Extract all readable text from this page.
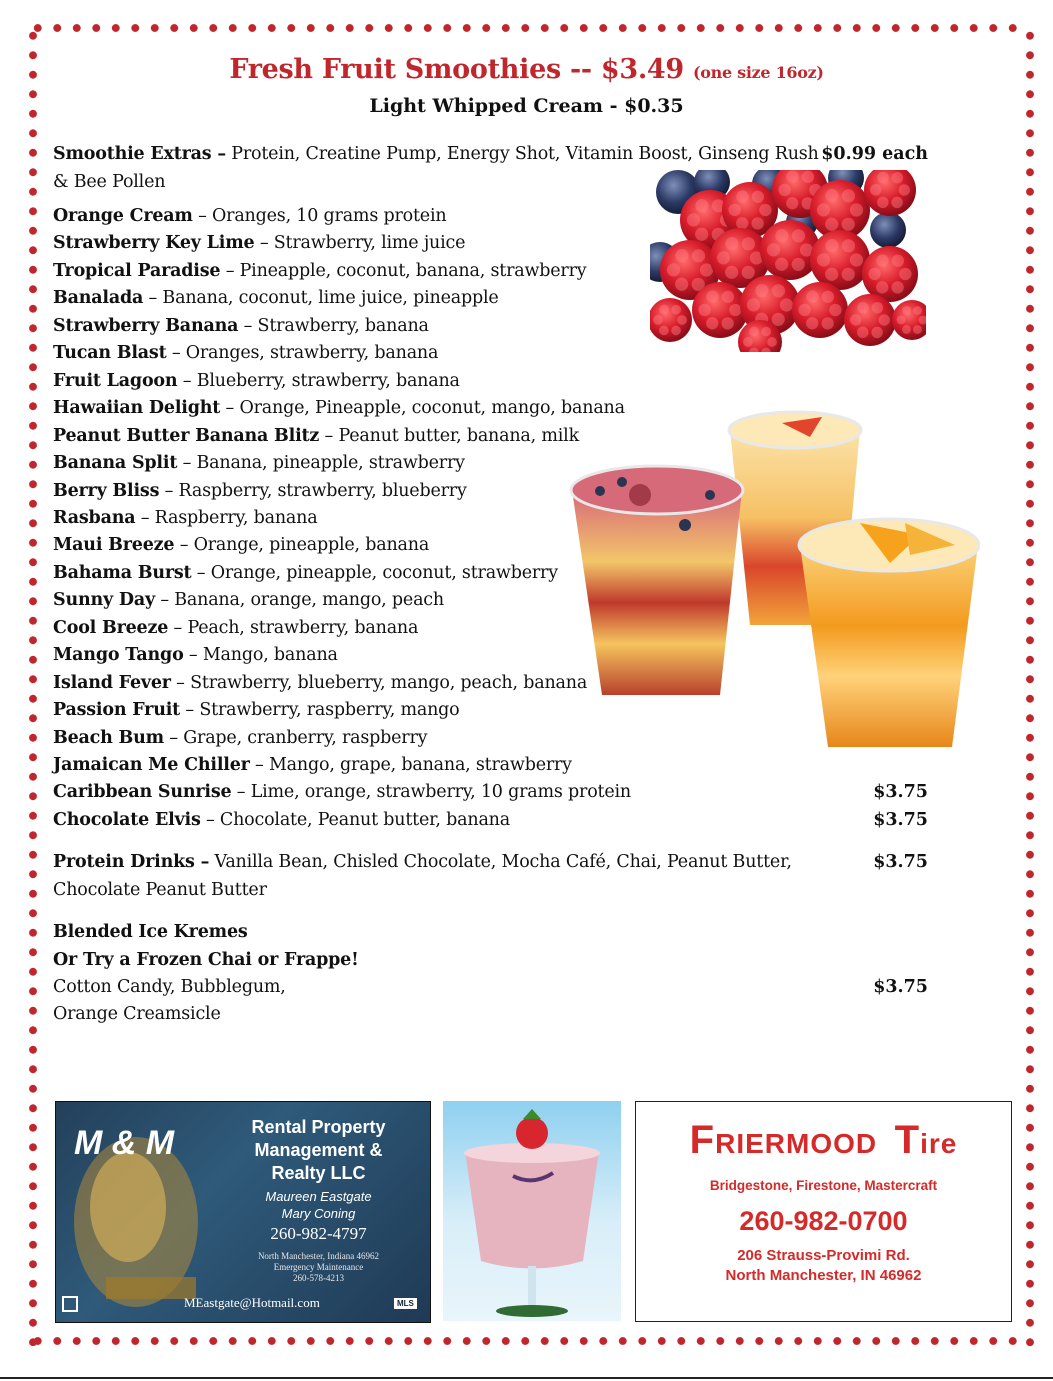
Fresh Fruit Smoothies -- $3.49 (one size 16oz)
Light Whipped Cream - $0.35
Smoothie Extras – Protein, Creatine Pump, Energy Shot, Vitamin Boost, Ginseng Rush $0.99 each
& Bee Pollen
Orange Cream – Oranges, 10 grams protein
Strawberry Key Lime – Strawberry, lime juice
Tropical Paradise – Pineapple, coconut, banana, strawberry
Banalada – Banana, coconut, lime juice, pineapple
Strawberry Banana – Strawberry, banana
Tucan Blast – Oranges, strawberry, banana
Fruit Lagoon – Blueberry, strawberry, banana
Hawaiian Delight – Orange, Pineapple, coconut, mango, banana
Peanut Butter Banana Blitz – Peanut butter, banana, milk
Banana Split – Banana, pineapple, strawberry
Berry Bliss – Raspberry, strawberry, blueberry
Rasbana – Raspberry, banana
Maui Breeze – Orange, pineapple, banana
Bahama Burst – Orange, pineapple, coconut, strawberry
Sunny Day – Banana, orange, mango, peach
Cool Breeze – Peach, strawberry, banana
Mango Tango – Mango, banana
Island Fever – Strawberry, blueberry, mango, peach, banana
Passion Fruit – Strawberry, raspberry, mango
Beach Bum – Grape, cranberry, raspberry
Jamaican Me Chiller – Mango, grape, banana, strawberry
Caribbean Sunrise – Lime, orange, strawberry, 10 grams protein	$3.75
Chocolate Elvis – Chocolate, Peanut butter, banana	$3.75
Protein Drinks – Vanilla Bean, Chisled Chocolate, Mocha Café, Chai, Peanut Butter,	$3.75
Chocolate Peanut Butter
Blended Ice Kremes
Or Try a Frozen Chai or Frappe!
Cotton Candy, Bubblegum,	$3.75
Orange Creamsicle
M & M	Rental Property
Management &
Realty LLC
Maureen Eastgate
Mary Coning
260-982-4797
North Manchester, Indiana 46962
Emergency Maintenance
260-578-4213
MEastgate@Hotmail.com	MLS
FRIERMOOD Tire
Bridgestone, Firestone, Mastercraft
260-982-0700
206 Strauss-Provimi Rd.
North Manchester, IN 46962
